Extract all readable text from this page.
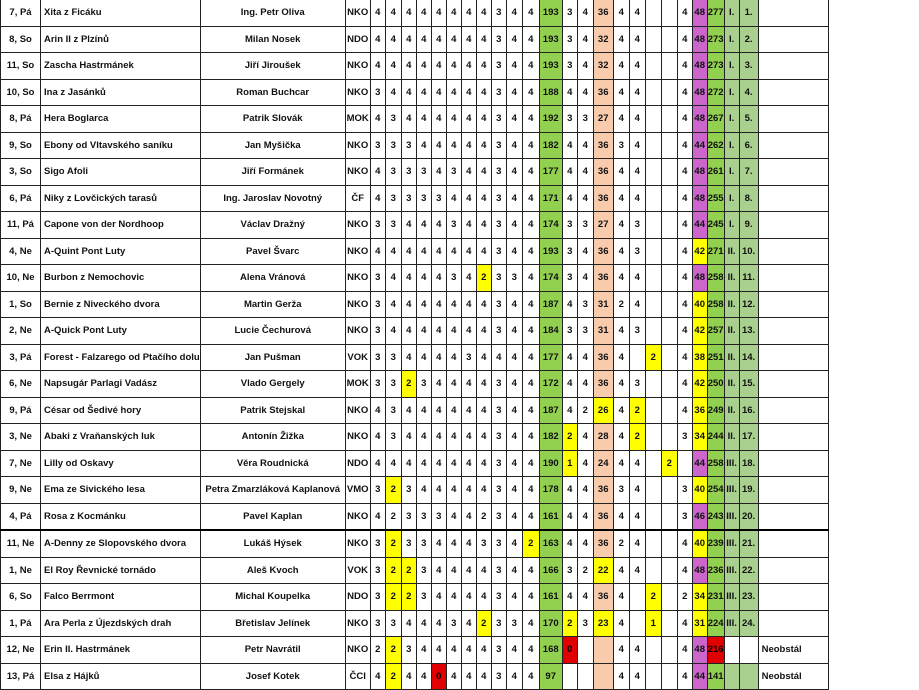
7, Pá	Xita z Ficáku	Ing. Petr Oliva	NKO	4	4	4	4	4	4	4	4	3	4	4	193	3	4	36	4	4			4	48	277	I.	1.	
8, So	Arin II z Plzínů	Milan Nosek	NDO	4	4	4	4	4	4	4	4	3	4	4	193	3	4	32	4	4			4	48	273	I.	2.	
11, So	Zascha Hastrmánek	Jiří Jiroušek	NKO	4	4	4	4	4	4	4	4	3	4	4	193	3	4	32	4	4			4	48	273	I.	3.	
10, So	Ina z Jasánků	Roman Buchcar	NKO	3	4	4	4	4	4	4	4	3	4	4	188	4	4	36	4	4			4	48	272	I.	4.	
8, Pá	Hera Boglarca	Patrik Slovák	MOK	4	3	4	4	4	4	4	4	3	4	4	192	3	3	27	4	4			4	48	267	I.	5.	
9, So	Ebony od Vltavského saníku	Jan Myšička	NKO	3	3	3	4	4	4	4	4	3	4	4	182	4	4	36	3	4			4	44	262	I.	6.	
3, So	Sigo Afoli	Jiří Formánek	NKO	4	3	3	3	4	3	4	4	3	4	4	177	4	4	36	4	4			4	48	261	I.	7.	
6, Pá	Niky z Lovčických tarasů	Ing. Jaroslav Novotný	ČF	4	3	3	3	3	4	4	4	3	4	4	171	4	4	36	4	4			4	48	255	I.	8.	
11, Pá	Capone von der Nordhoop	Václav Dražný	NKO	3	3	4	4	4	3	4	4	3	4	4	174	3	3	27	4	3			4	44	245	I.	9.	
4, Ne	A-Quint Pont Luty	Pavel Švarc	NKO	4	4	4	4	4	4	4	4	3	4	4	193	3	4	36	4	3			4	42	271	II.	10.	
10, Ne	Burbon z Nemochovic	Alena Vránová	NKO	3	4	4	4	4	3	4	2	3	3	4	174	3	4	36	4	4			4	48	258	II.	11.	
1, So	Bernie z Niveckého dvora	Martin Gerža	NKO	3	4	4	4	4	4	4	4	3	4	4	187	4	3	31	2	4			4	40	258	II.	12.	
2, Ne	A-Quick Pont Luty	Lucie Čechurová	NKO	3	4	4	4	4	4	4	4	3	4	4	184	3	3	31	4	3			4	42	257	II.	13.	
3, Pá	Forest - Falzarego od Ptačího dolu	Jan Pušman	VOK	3	3	4	4	4	4	3	4	4	4	4	177	4	4	36	4		2		4	38	251	II.	14.	
6, Ne	Napsugár Parlagi Vadász	Vlado Gergely	MOK	3	3	2	3	4	4	4	4	3	4	4	172	4	4	36	4	3			4	42	250	II.	15.	
9, Pá	César od Šedivé hory	Patrik Stejskal	NKO	4	3	4	4	4	4	4	4	3	4	4	187	4	2	26	4	2			4	36	249	II.	16.	
3, Ne	Abaki z Vraňanských luk	Antonín Žižka	NKO	4	3	4	4	4	4	4	4	3	4	4	182	2	4	28	4	2			3	34	244	II.	17.	
7, Ne	Lilly od Oskavy	Věra Roudnická	NDO	4	4	4	4	4	4	4	4	3	4	4	190	1	4	24	4	4		2		44	258	III.	18.	
9, Ne	Ema ze Sivického lesa	Petra Zmarzláková Kaplanová	VMO	3	2	3	4	4	4	4	4	3	4	4	178	4	4	36	3	4			3	40	254	III.	19.	
4, Pá	Rosa z Kocmánku	Pavel Kaplan	NKO	4	2	3	3	3	4	4	2	3	4	4	161	4	4	36	4	4			3	46	243	III.	20.	
11, Ne	A-Denny ze Slopovského dvora	Lukáš Hýsek	NKO	3	2	3	3	4	4	4	3	3	4	2	163	4	4	36	2	4			4	40	239	III.	21.	
1, Ne	El Roy Řevnické tornádo	Aleš Kvoch	VOK	3	2	2	3	4	4	4	4	3	4	4	166	3	2	22	4	4			4	48	236	III.	22.	
6, So	Falco Berrmont	Michal Koupelka	NDO	3	2	2	3	4	4	4	4	3	4	4	161	4	4	36	4		2		2	34	231	III.	23.	
1, Pá	Ara Perla z Újezdských drah	Břetislav Jelínek	NKO	3	3	4	4	4	3	4	2	3	3	4	170	2	3	23	4		1		4	31	224	III.	24.	
12, Ne	Erin II. Hastrmánek	Petr Navrátil	NKO	2	2	3	4	4	4	4	4	3	4	4	168	0			4	4			4	48	216			Neobstál
13, Pá	Elsa z Hájků	Josef Kotek	ČCI	4	2	4	4	0	4	4	4	3	4	4	97				4	4			4	44	141			Neobstál
